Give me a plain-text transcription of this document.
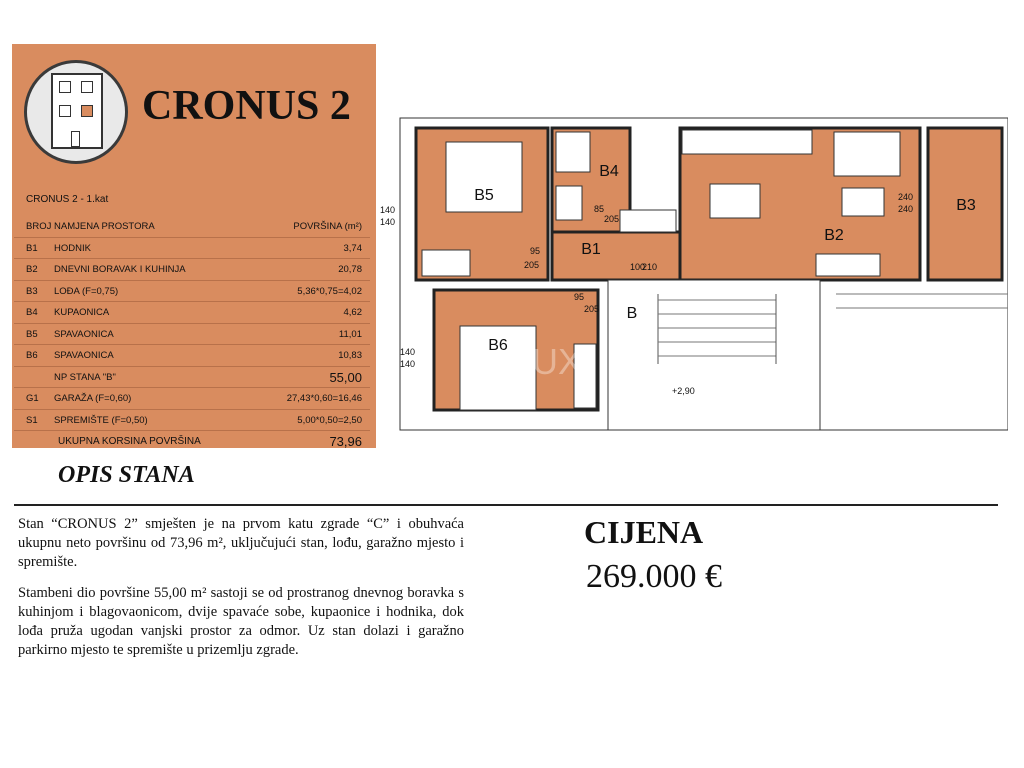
CRONUS 2
CRONUS 2 - 1.kat
BROJ NAMJENA PROSTORA	POVRŠINA (m²)
B1 HODNIK	3,74
B2 DNEVNI BORAVAK I KUHINJA	20,78
B3 LOĐA (F=0,75)	5,36*0,75=4,02
B4 KUPAONICA	4,62
B5 SPAVAONICA	11,01
B6 SPAVAONICA	10,83
NP STANA "B"	55,00
G1 GARAŽA (F=0,60)	27,43*0,60=16,46
S1 SPREMIŠTE (F=0,50)	5,00*0,50=2,50
UKUPNA KORSINA POVRŠINA	73,96
B5
B4
B1
B2
B3
B6
B
140
140
140
140
95
205
85
205
100
210
95
205
240
240
+2,90
DUX
OPIS STANA

Stan “CRONUS 2” smješten je na prvom katu zgrade “C” i obuhvaća ukupnu neto površinu od 73,96 m², uključujući stan, lođu, garažno mjesto i spremište.

Stambeni dio površine 55,00 m² sastoji se od prostranog dnevnog boravka s kuhinjom i blagovaonicom, dvije spavaće sobe, kupaonice i hodnika, dok lođa pruža ugodan vanjski prostor za odmor. Uz stan dolazi i garažno parkirno mjesto te spremište u prizemlju zgrade.

CIJENA
269.000 €
